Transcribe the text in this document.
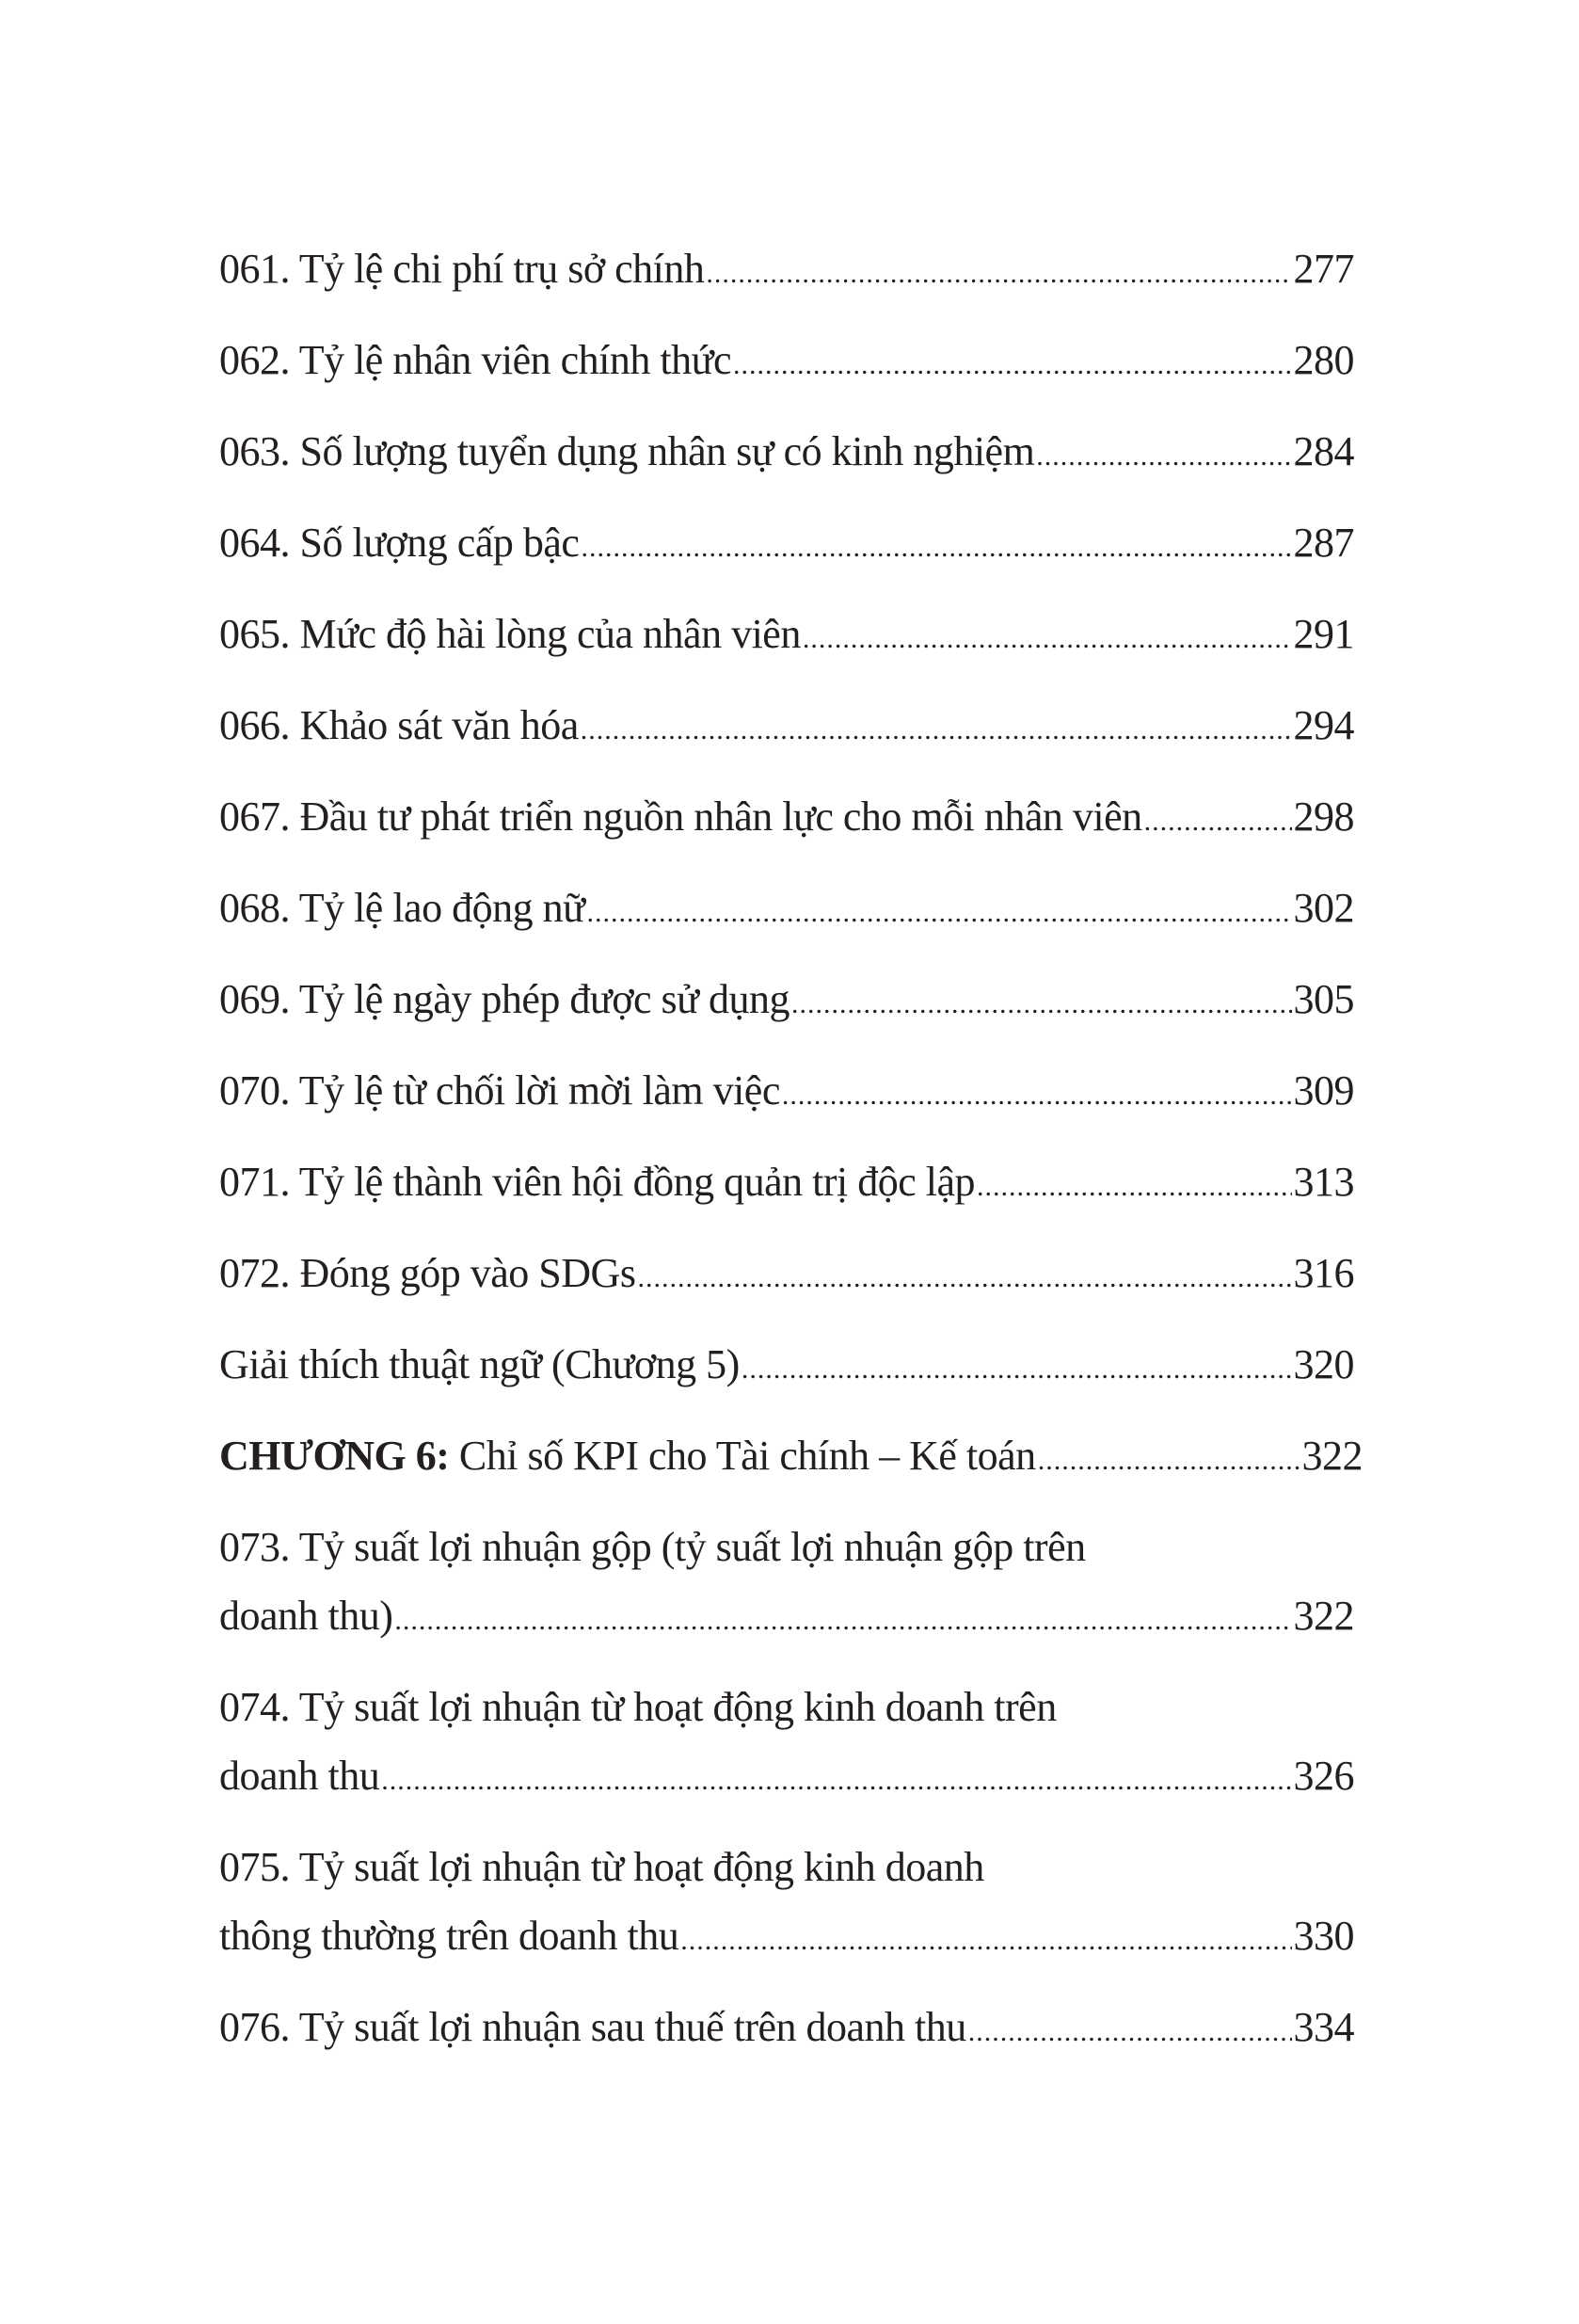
061. Tỷ lệ chi phí trụ sở chính .....	277
062. Tỷ lệ nhân viên chính thức .....	280
063. Số lượng tuyển dụng nhân sự có kinh nghiệm .....	284
064. Số lượng cấp bậc .....	287
065. Mức độ hài lòng của nhân viên .....	291
066. Khảo sát văn hóa .....	294
067. Đầu tư phát triển nguồn nhân lực cho mỗi nhân viên .....	298
068. Tỷ lệ lao động nữ .....	302
069. Tỷ lệ ngày phép được sử dụng .....	305
070. Tỷ lệ từ chối lời mời làm việc .....	309
071. Tỷ lệ thành viên hội đồng quản trị độc lập .....	313
072. Đóng góp vào SDGs .....	316
Giải thích thuật ngữ (Chương 5) .....	320
CHƯƠNG 6: Chỉ số KPI cho Tài chính – Kế toán .....	322
073. Tỷ suất lợi nhuận gộp (tỷ suất lợi nhuận gộp trên
doanh thu) .....	322
074. Tỷ suất lợi nhuận từ hoạt động kinh doanh trên
doanh thu .....	326
075. Tỷ suất lợi nhuận từ hoạt động kinh doanh
thông thường trên doanh thu .....	330
076. Tỷ suất lợi nhuận sau thuế trên doanh thu .....	334
